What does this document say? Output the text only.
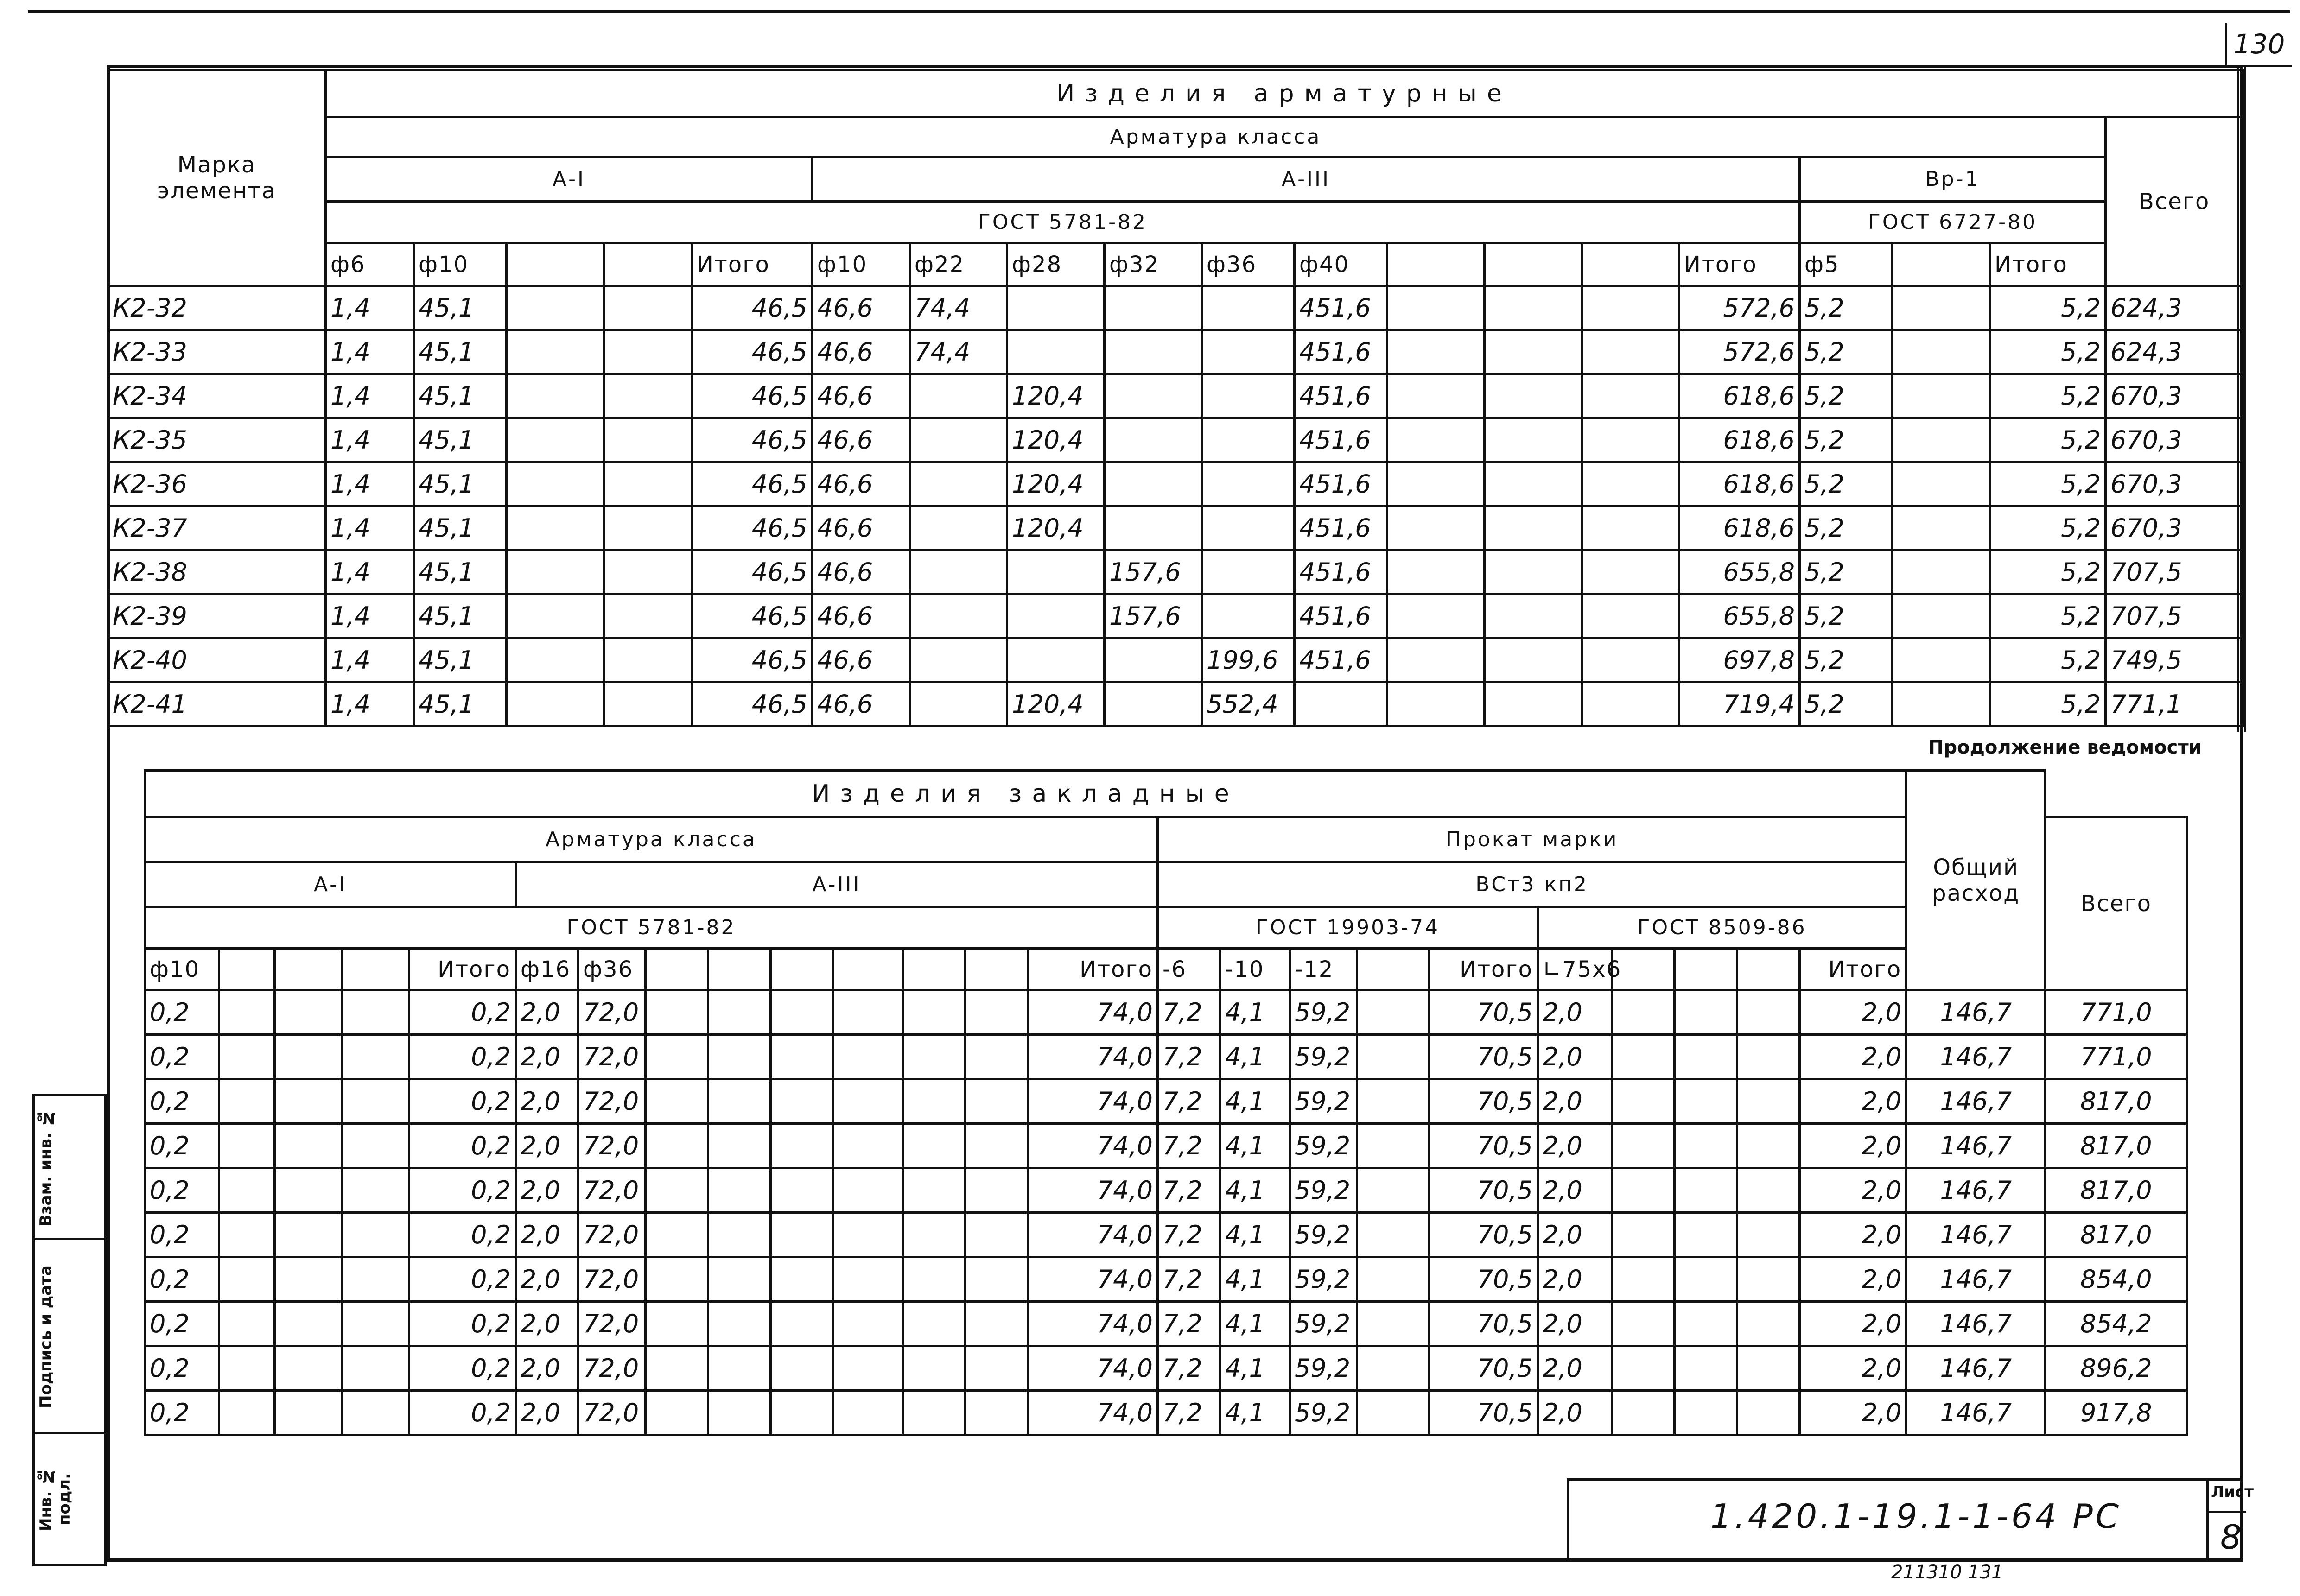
130
Марка элемента	Изделия арматурные																		
	Арматура класса																		Всего
	А-I					А-III										Вр-1			
	ГОСТ 5781-82															ГОСТ 6727-80			
	ф6	ф10			Итого	ф10	ф22	ф28	ф32	ф36	ф40				Итого	ф5		Итого	
К2-32	1,4	45,1			46,5	46,6	74,4				451,6				572,6	5,2		5,2	624,3
К2-33	1,4	45,1			46,5	46,6	74,4				451,6				572,6	5,2		5,2	624,3
К2-34	1,4	45,1			46,5	46,6		120,4			451,6				618,6	5,2		5,2	670,3
К2-35	1,4	45,1			46,5	46,6		120,4			451,6				618,6	5,2		5,2	670,3
К2-36	1,4	45,1			46,5	46,6		120,4			451,6				618,6	5,2		5,2	670,3
К2-37	1,4	45,1			46,5	46,6		120,4			451,6				618,6	5,2		5,2	670,3
К2-38	1,4	45,1			46,5	46,6			157,6		451,6				655,8	5,2		5,2	707,5
К2-39	1,4	45,1			46,5	46,6			157,6		451,6				655,8	5,2		5,2	707,5
К2-40	1,4	45,1			46,5	46,6				199,6	451,6				697,8	5,2		5,2	749,5
К2-41	1,4	45,1			46,5	46,6		120,4		552,4					719,4	5,2		5,2	771,1
Продолжение ведомости
Изделия закладные																								Общий расход	

Арматура класса														Прокат марки											Всего
А-I					А-III									ВСт3 кп2											
ГОСТ 5781-82														ГОСТ 19903-74					ГОСТ 8509-86						
ф10				Итого	ф16	ф36							Итого	-6	-10	-12		Итого	∟75х6				Итого		
0,2				0,2	2,0	72,0							74,0	7,2	4,1	59,2		70,5	2,0				2,0	146,7	771,0
0,2				0,2	2,0	72,0							74,0	7,2	4,1	59,2		70,5	2,0				2,0	146,7	771,0
0,2				0,2	2,0	72,0							74,0	7,2	4,1	59,2		70,5	2,0				2,0	146,7	817,0
0,2				0,2	2,0	72,0							74,0	7,2	4,1	59,2		70,5	2,0				2,0	146,7	817,0
0,2				0,2	2,0	72,0							74,0	7,2	4,1	59,2		70,5	2,0				2,0	146,7	817,0
0,2				0,2	2,0	72,0							74,0	7,2	4,1	59,2		70,5	2,0				2,0	146,7	817,0
0,2				0,2	2,0	72,0							74,0	7,2	4,1	59,2		70,5	2,0				2,0	146,7	854,0
0,2				0,2	2,0	72,0							74,0	7,2	4,1	59,2		70,5	2,0				2,0	146,7	854,2
0,2				0,2	2,0	72,0							74,0	7,2	4,1	59,2		70,5	2,0				2,0	146,7	896,2
0,2				0,2	2,0	72,0							74,0	7,2	4,1	59,2		70,5	2,0				2,0	146,7	917,8
Взам. инв. №
Подпись и дата
Инв. № подл.	1.420.1-19.1-1-64 РС
Лист
8
211310 131
